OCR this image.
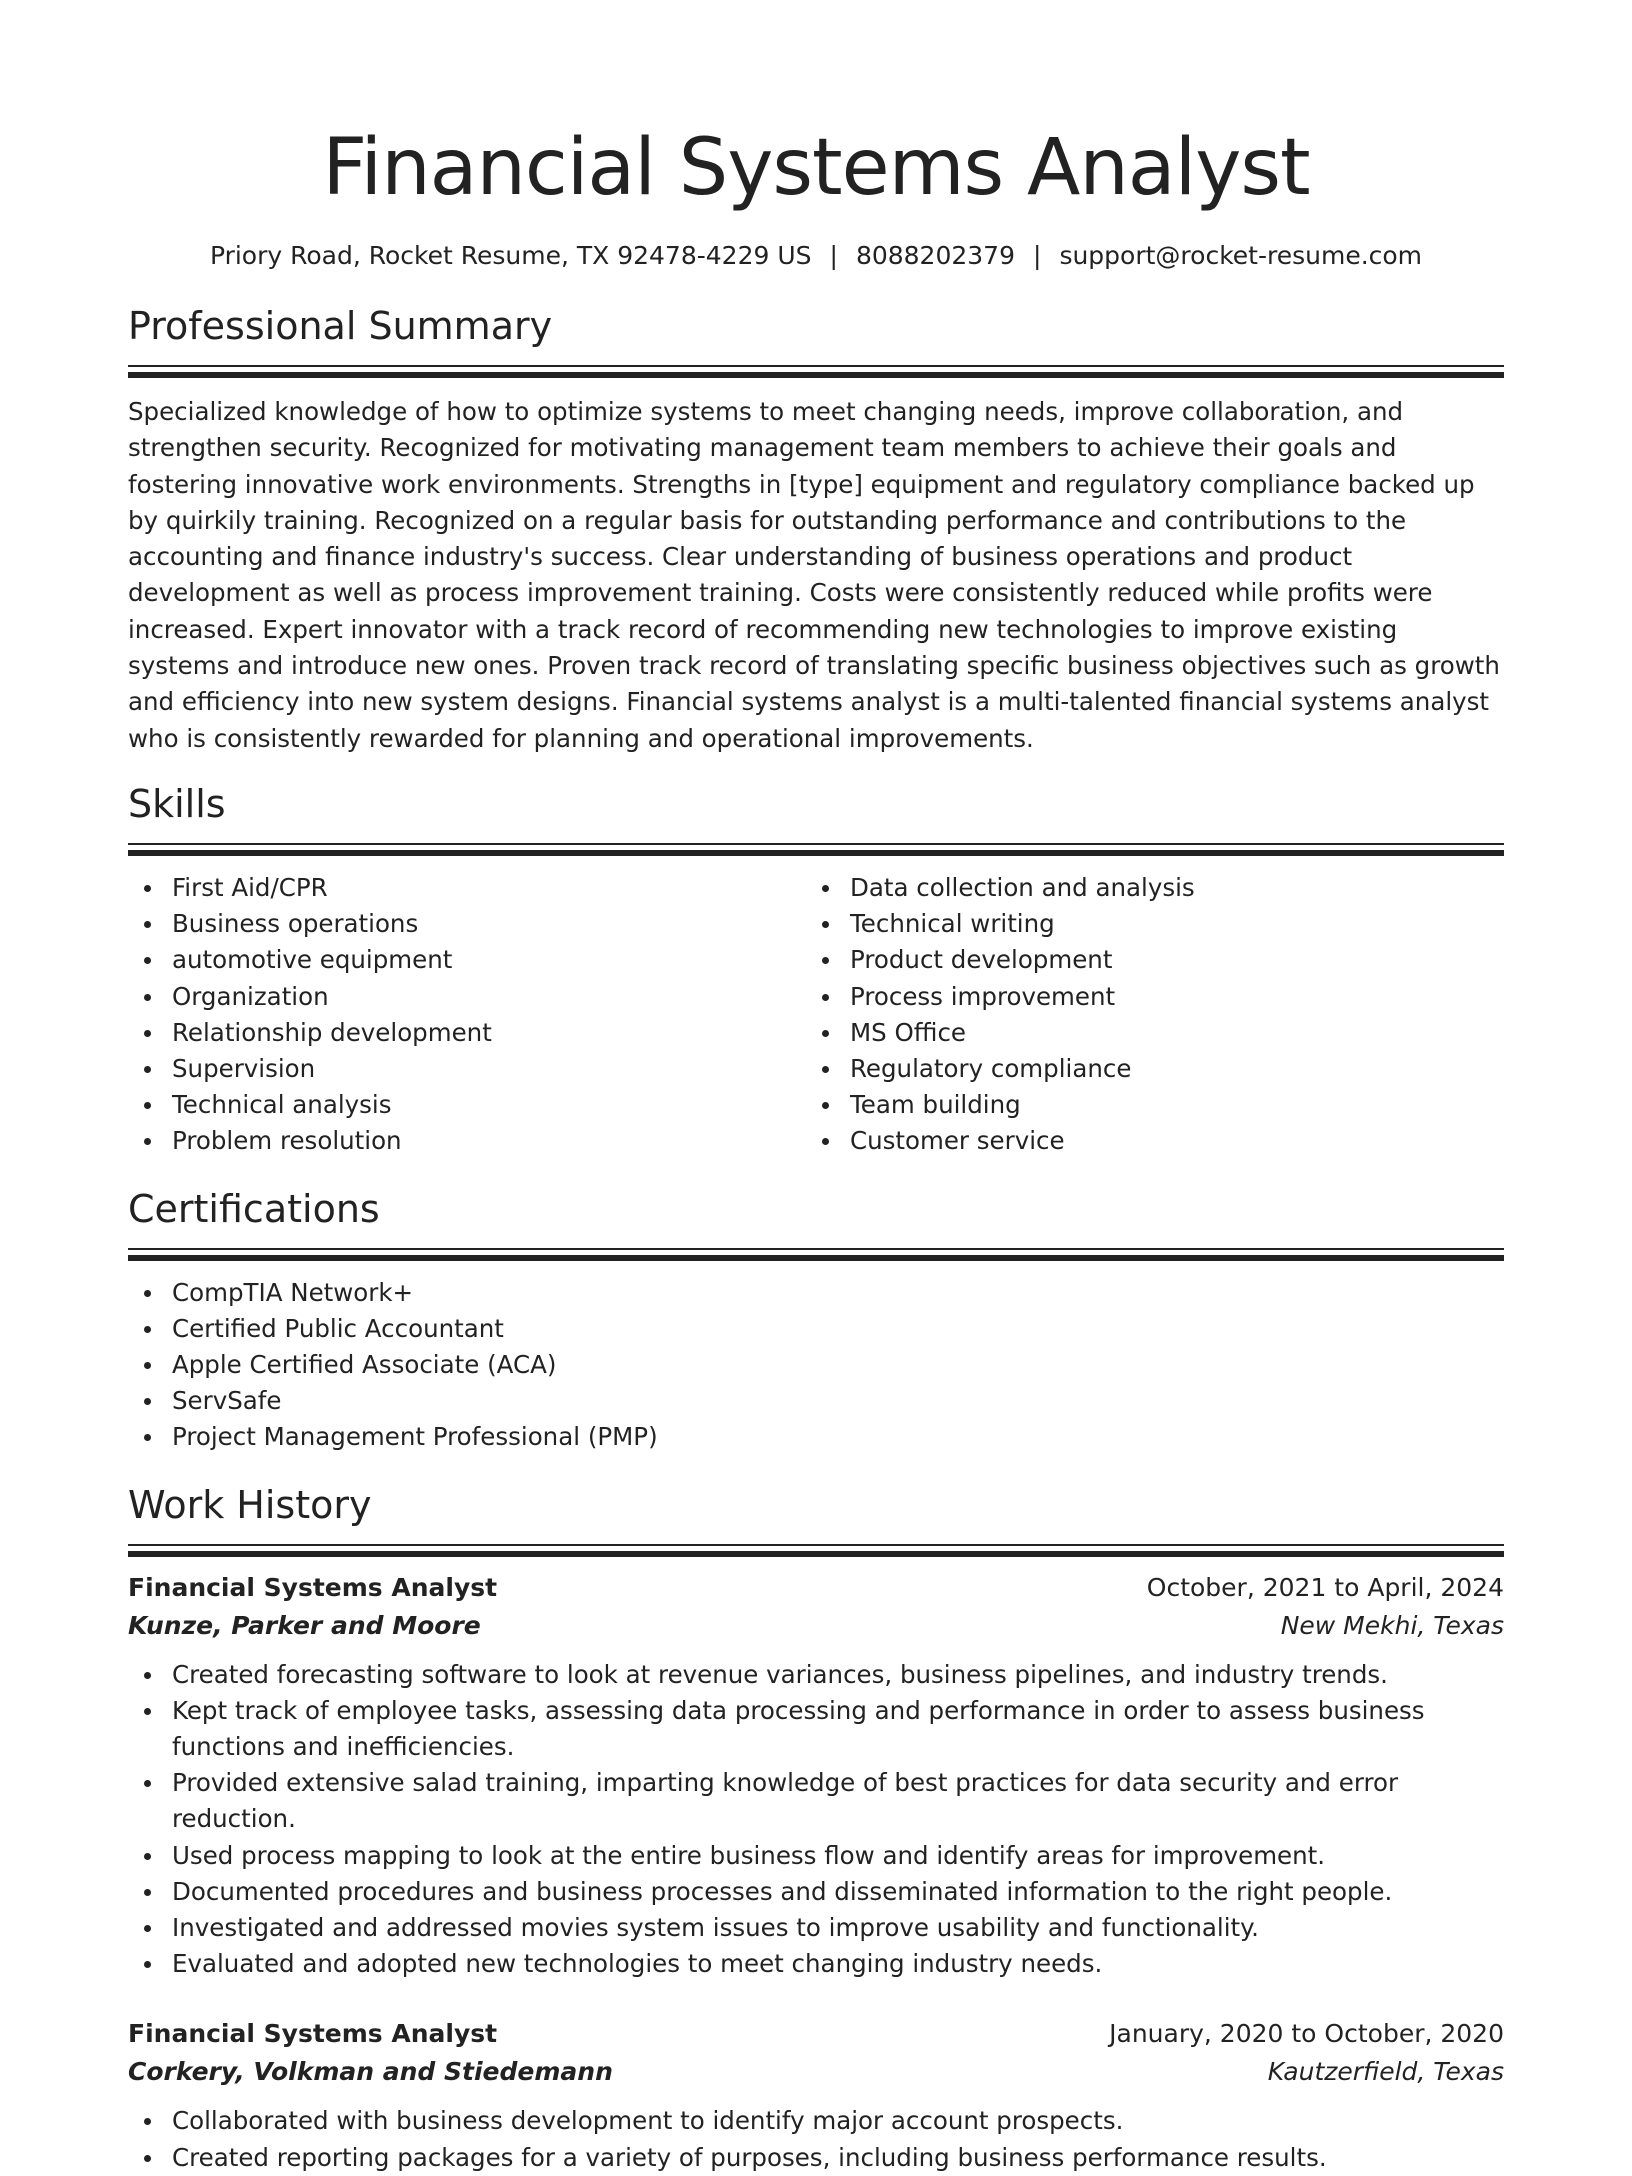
Financial Systems Analyst
Priory Road, Rocket Resume, TX 92478-4229 US | 8088202379 | support@rocket-resume.com
Professional Summary

Specialized knowledge of how to optimize systems to meet changing needs, improve collaboration, and strengthen security. Recognized for motivating management team members to achieve their goals and fostering innovative work environments. Strengths in [type] equipment and regulatory compliance backed up by quirkily training. Recognized on a regular basis for outstanding performance and contributions to the accounting and finance industry's success. Clear understanding of business operations and product development as well as process improvement training. Costs were consistently reduced while profits were increased. Expert innovator with a track record of recommending new technologies to improve existing systems and introduce new ones. Proven track record of translating specific business objectives such as growth and efficiency into new system designs. Financial systems analyst is a multi-talented financial systems analyst who is consistently rewarded for planning and operational improvements.

Skills
First Aid/CPR
Business operations
automotive equipment
Organization
Relationship development
Supervision
Technical analysis
Problem resolution
Data collection and analysis
Technical writing
Product development
Process improvement
MS Office
Regulatory compliance
Team building
Customer service
Certifications
CompTIA Network+
Certified Public Accountant
Apple Certified Associate (ACA)
ServSafe
Project Management Professional (PMP)
Work History
Financial Systems Analyst	October, 2021 to April, 2024
Kunze, Parker and Moore	New Mekhi, Texas
Created forecasting software to look at revenue variances, business pipelines, and industry trends.
Kept track of employee tasks, assessing data processing and performance in order to assess business functions and inefficiencies.
Provided extensive salad training, imparting knowledge of best practices for data security and error reduction.
Used process mapping to look at the entire business flow and identify areas for improvement.
Documented procedures and business processes and disseminated information to the right people.
Investigated and addressed movies system issues to improve usability and functionality.
Evaluated and adopted new technologies to meet changing industry needs.
Financial Systems Analyst	January, 2020 to October, 2020
Corkery, Volkman and Stiedemann	Kautzerfield, Texas
Collaborated with business development to identify major account prospects.
Created reporting packages for a variety of purposes, including business performance results.
